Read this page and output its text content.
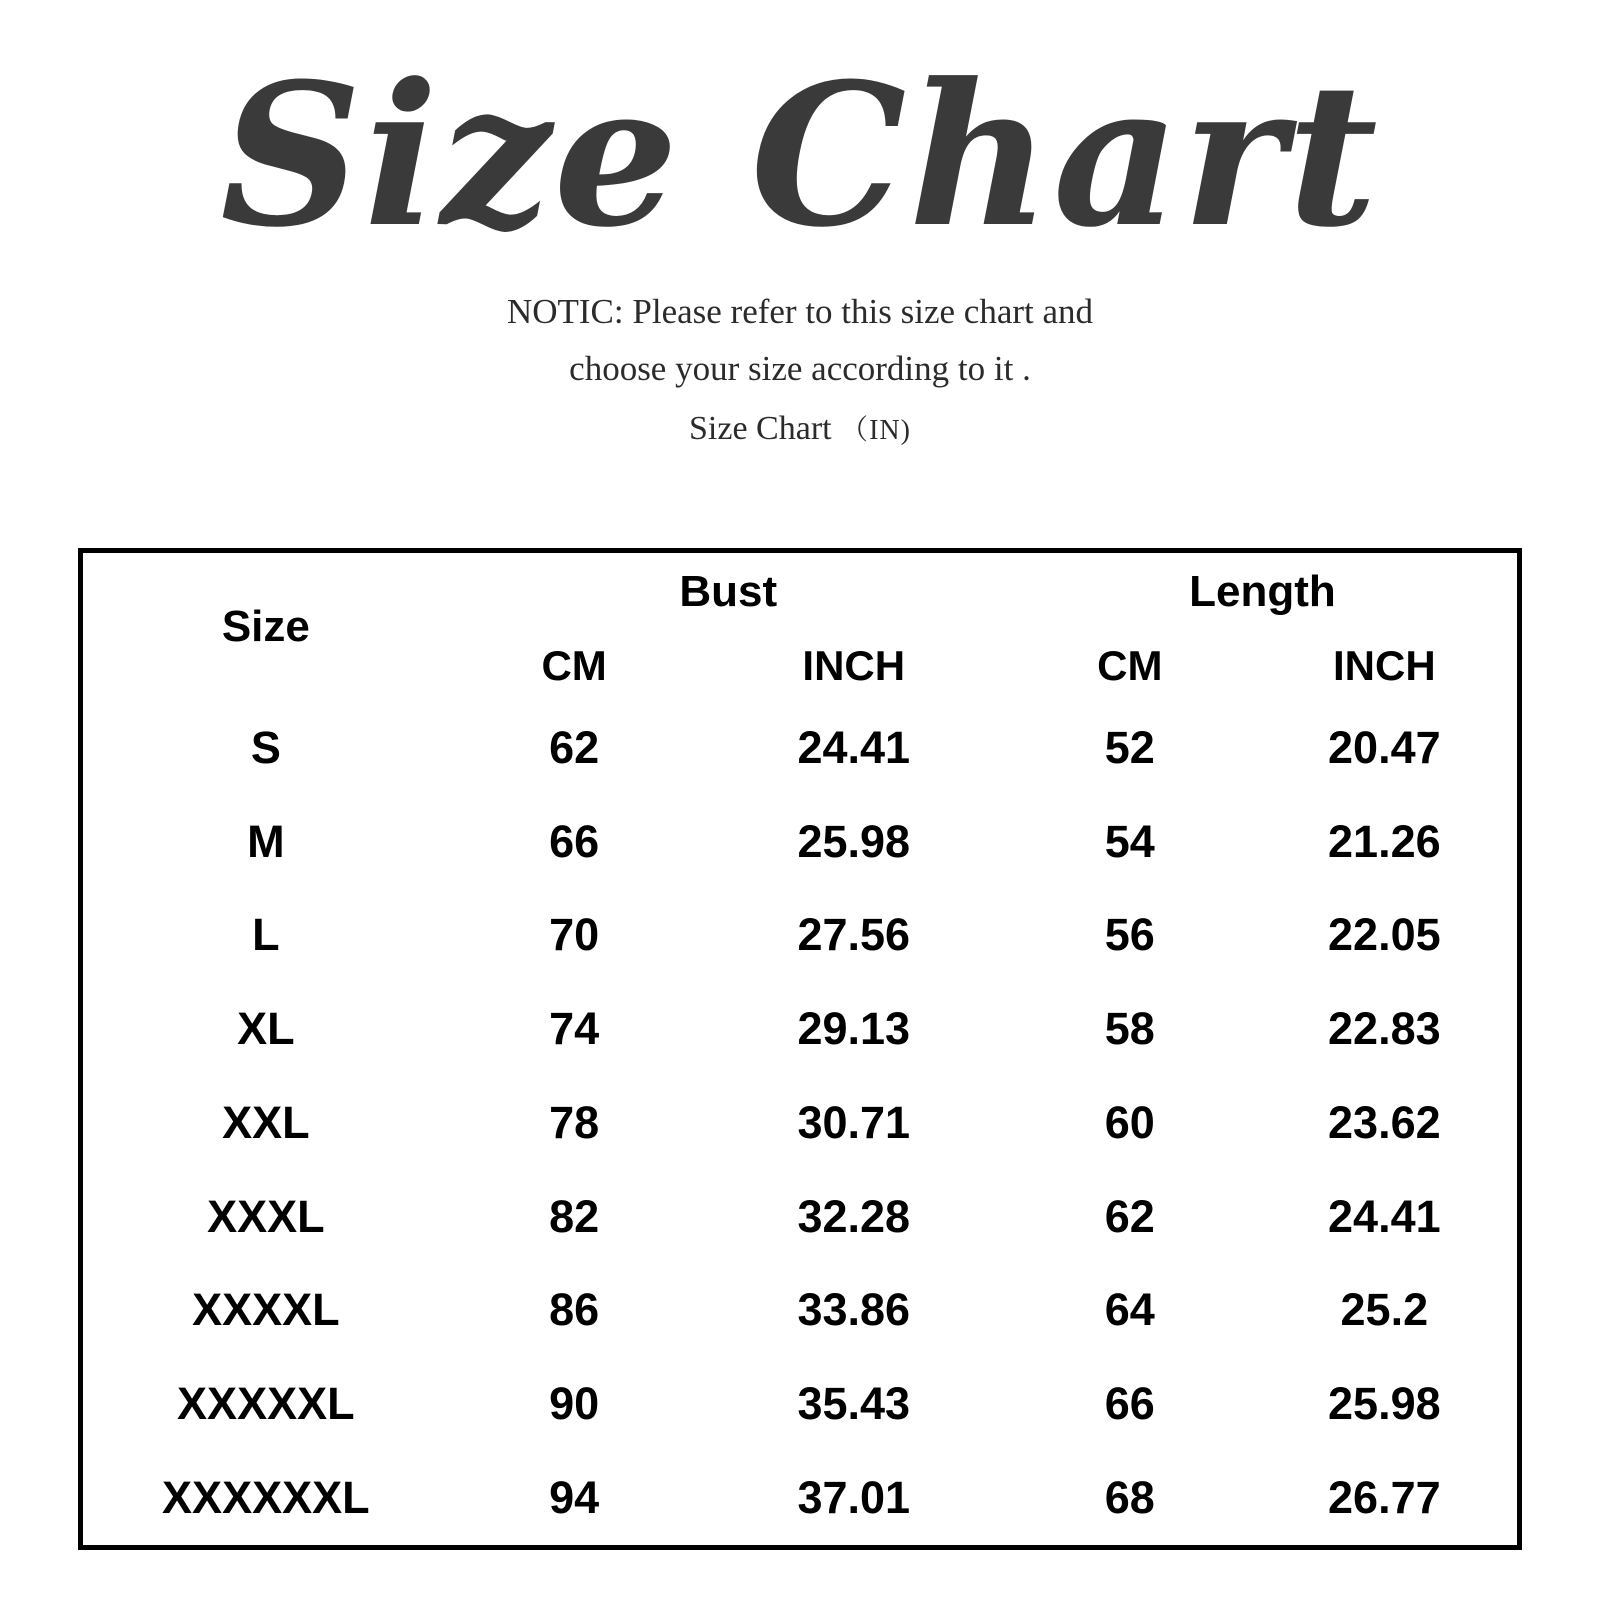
Size Chart
NOTIC: Please refer to this size chart and
choose your size according to it .
Size Chart （IN)
Size	Bust		Length	
	CM	INCH	CM	INCH
S	62	24.41	52	20.47
M	66	25.98	54	21.26
L	70	27.56	56	22.05
XL	74	29.13	58	22.83
XXL	78	30.71	60	23.62
XXXL	82	32.28	62	24.41
XXXXL	86	33.86	64	25.2
XXXXXL	90	35.43	66	25.98
XXXXXXL	94	37.01	68	26.77
